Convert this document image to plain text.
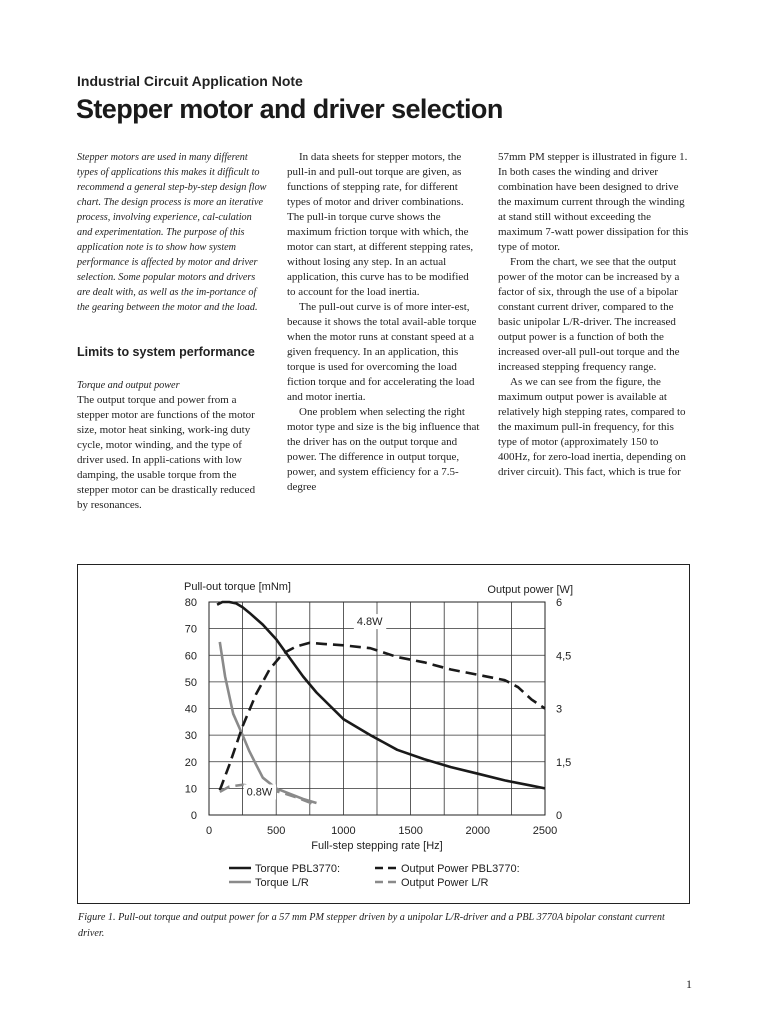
Industrial Circuit Application Note
Stepper motor and driver selection

Stepper motors are used in many different types of applications this makes it difficult to recommend a general step-by-step design flow chart. The design process is more an iterative process, involving experience, cal-culation and experimentation. The purpose of this application note is to show how system performance is affected by motor and driver selection. Some popular motors and drivers are dealt with, as well as the im-portance of the gearing between the motor and the load.

Limits to system performance

Torque and output power

The output torque and power from a stepper motor are functions of the motor size, motor heat sinking, work-ing duty cycle, motor winding, and the type of driver used. In appli-cations with low damping, the usable torque from the stepper motor can be drastically reduced by resonances.

In data sheets for stepper motors, the pull-in and pull-out torque are given, as functions of stepping rate, for different types of motor and driver combinations. The pull-in torque curve shows the maximum friction torque with which, the motor can start, at different stepping rates, without losing any step. In an actual application, this curve has to be modified to account for the load inertia.

The pull-out curve is of more inter-est, because it shows the total avail-able torque when the motor runs at constant speed at a given frequency. In an application, this torque is used for overcoming the load fiction torque and for accelerating the load and motor inertia.

One problem when selecting the right motor type and size is the big influence that the driver has on the output torque and power. The difference in output torque, power, and system efficiency for a 7.5-degree

57mm PM stepper is illustrated in figure 1. In both cases the winding and driver combination have been designed to drive the maximum current through the winding at stand still without exceeding the maximum 7-watt power dissipation for this type of motor.

From the chart, we see that the output power of the motor can be increased by a factor of six, through the use of a bipolar constant current driver, compared to the basic unipolar L/R-driver. The increased output power is a function of both the increased over-all pull-out torque and the increased stepping frequency range.

As we can see from the figure, the maximum output power is available at relatively high stepping rates, compared to the maximum pull-in frequency, for this type of motor (approximately 150 to 400Hz, for zero-load inertia, depending on driver circuit). This fact, which is true for

Pull-out torque [mNm]	Output power [W]
Full-step stepping rate [Hz]
0	500	1000	1500	2000	2500
0
10
20
30
40
50
60
70
80
0
1,5
3
4,5
6
4.8W
0.8W
Torque PBL3770:	Output Power PBL3770:
Torque L/R	Output Power L/R

Figure 1. Pull-out torque and output power for a 57 mm PM stepper driven by a unipolar L/R-driver and a PBL 3770A bipolar constant current driver.

1
